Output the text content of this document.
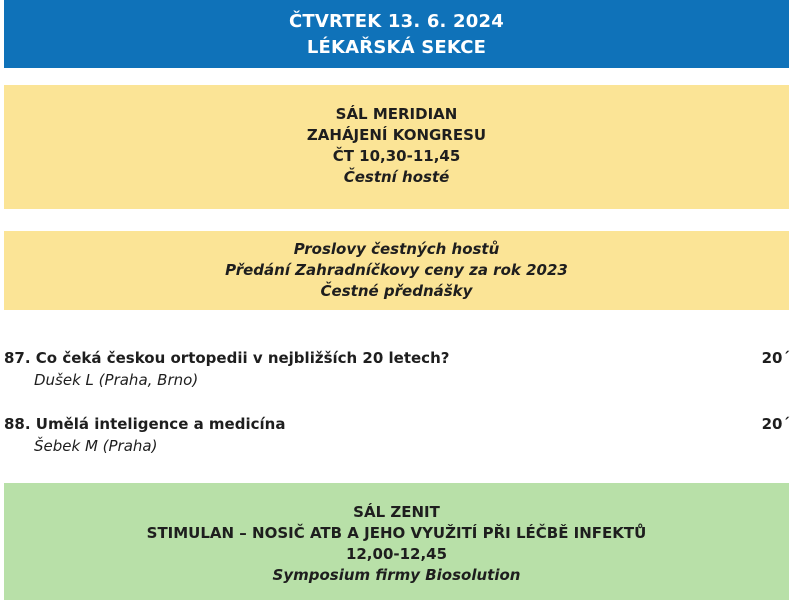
ČTVRTEK 13. 6. 2024
LÉKAŘSKÁ SEKCE
SÁL MERIDIAN
ZAHÁJENÍ KONGRESU
ČT 10,30-11,45
Čestní hosté
Proslovy čestných hostů
Předání Zahradníčkovy ceny za rok 2023
Čestné přednášky
87. Co čeká českou ortopedii v nejbližších 20 letech?	20´
Dušek L (Praha, Brno)
88. Umělá inteligence a medicína	20´
Šebek M (Praha)
SÁL ZENIT
STIMULAN – NOSIČ ATB A JEHO VYUŽITÍ PŘI LÉČBĚ INFEKTŮ
12,00-12,45
Symposium firmy Biosolution
